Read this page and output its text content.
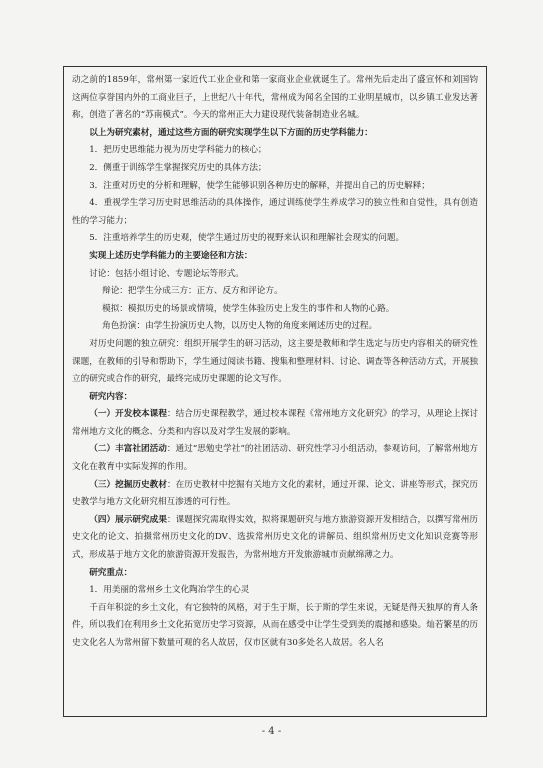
动之前的1859年，常州第一家近代工业企业和第一家商业企业就诞生了。常州先后走出了盛宣怀和刘国钧这两位享誉国内外的工商业巨子，上世纪八十年代，常州成为闻名全国的工业明星城市，以乡镇工业发达著称，创造了著名的“苏南模式”。今天的常州正大力建设现代装备制造业名城。

以上为研究素材，通过这些方面的研究实现学生以下方面的历史学科能力：

1．把历史思维能力视为历史学科能力的核心；

2．侧重于训练学生掌握探究历史的具体方法；

3．注重对历史的分析和理解，使学生能够识别各种历史的解释，并提出自己的历史解释；

4．重视学生学习历史时思维活动的具体操作，通过训练使学生养成学习的独立性和自觉性，具有创造性的学习能力；

5．注重培养学生的历史观，使学生通过历史的视野来认识和理解社会现实的问题。

实现上述历史学科能力的主要途径和方法：

讨论：包括小组讨论、专题论坛等形式。

辩论：把学生分成三方：正方、反方和评论方。

模拟：模拟历史的场景或情境，使学生体验历史上发生的事件和人物的心路。

角色扮演：由学生扮演历史人物，以历史人物的角度来阐述历史的过程。

对历史问题的独立研究：组织开展学生的研习活动，这主要是教师和学生选定与历史内容相关的研究性课题，在教师的引导和帮助下，学生通过阅读书籍、搜集和整理材料、讨论、调查等各种活动方式，开展独立的研究或合作的研究，最终完成历史课题的论文写作。

研究内容：

（一）开发校本课程：结合历史课程教学，通过校本课程《常州地方文化研究》的学习，从理论上探讨常州地方文化的概念、分类和内容以及对学生发展的影响。

（二）丰富社团活动：通过“思勉史学社”的社团活动、研究性学习小组活动，参观访问，了解常州地方文化在教育中实际发挥的作用。

（三）挖掘历史教材：在历史教材中挖掘有关地方文化的素材，通过开课、论文、讲座等形式，探究历史教学与地方文化研究相互渗透的可行性。

（四）展示研究成果：课题探究需取得实效，拟将课题研究与地方旅游资源开发相结合，以撰写常州历史文化的论文、拍摄常州历史文化的DV、选拔常州历史文化的讲解员、组织常州历史文化知识竞赛等形式，形成基于地方文化的旅游资源开发报告，为常州地方开发旅游城市贡献绵薄之力。

研究重点：

1．用美丽的常州乡土文化陶冶学生的心灵

千百年积淀的乡土文化，有它独特的风格，对于生于斯，长于斯的学生来说，无疑是得天独厚的育人条件，所以我们在利用乡土文化拓宽历史学习资源，从而在感受中让学生受到美的震撼和感染。灿若繁星的历史文化名人为常州留下数量可观的名人故居，仅市区就有30多处名人故居。名人名

- 4 -
